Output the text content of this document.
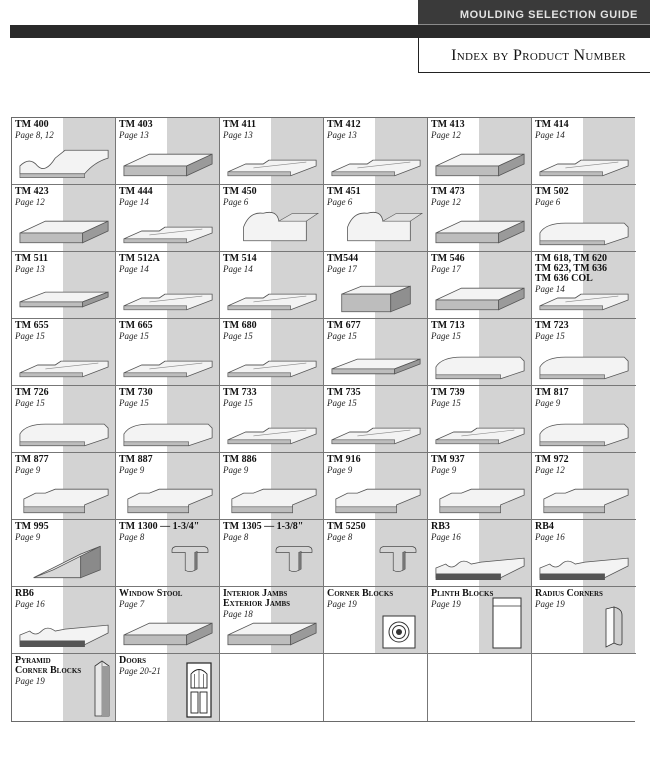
MOULDING SELECTION GUIDE
Index by Product Number
TM 400
Page 8, 12
TM 403
Page 13
TM 411
Page 13
TM 412
Page 13
TM 413
Page 12
TM 414
Page 14
TM 423
Page 12
TM 444
Page 14
TM 450
Page 6
TM 451
Page 6
TM 473
Page 12
TM 502
Page 6
TM 511
Page 13
TM 512A
Page 14
TM 514
Page 14
TM544
Page 17
TM 546
Page 17
TM 618, TM 620
TM 623, TM 636
TM 636 COL
Page 14
TM 655
Page 15
TM 665
Page 15
TM 680
Page 15
TM 677
Page 15
TM 713
Page 15
TM 723
Page 15
TM 726
Page 15
TM 730
Page 15
TM 733
Page 15
TM 735
Page 15
TM 739
Page 15
TM 817
Page 9
TM 877
Page 9
TM 887
Page 9
TM 886
Page 9
TM 916
Page 9
TM 937
Page 9
TM 972
Page 12
TM 995
Page 9
TM 1300 — 1-3/4"
Page 8
TM 1305 — 1-3/8"
Page 8
TM 5250
Page 8
RB3
Page 16
RB4
Page 16
RB6
Page 16
Window Stool
Page 7
Interior Jambs
Exterior Jambs
Page 18
Corner Blocks
Page 19
Plinth Blocks
Page 19
Radius Corners
Page 19
Pyramid
Corner Blocks
Page 19
Doors
Page 20-21
